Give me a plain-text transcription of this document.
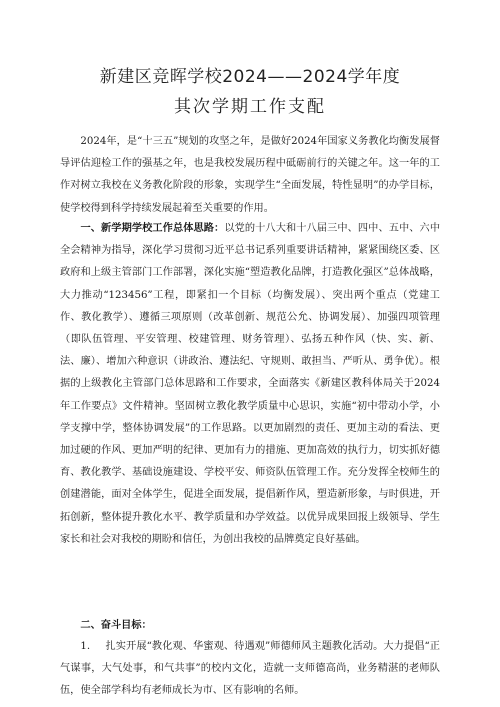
新建区竞晖学校2024——2024学年度
其次学期工作支配

2024年，是“十三五”规划的攻坚之年，是做好2024年国家义务教化均衡发展督导评估迎检工作的强基之年，也是我校发展历程中砥砺前行的关键之年。这一年的工作对树立我校在义务教化阶段的形象，实现学生“全面发展，特性显明”的办学目标，使学校得到科学持续发展起着至关重要的作用。

一、新学期学校工作总体思路：以党的十八大和十八届三中、四中、五中、六中全会精神为指导，深化学习贯彻习近平总书记系列重要讲话精神，紧紧围绕区委、区政府和上级主管部门工作部署，深化实施“塑造教化品牌，打造教化强区”总体战略，大力推动“123456”工程，即紧扣一个目标（均衡发展）、突出两个重点（党建工作、教化教学）、遵循三项原则（改革创新、规范公允、协调发展）、加强四项管理（即队伍管理、平安管理、校建管理、财务管理）、弘扬五种作风（快、实、新、法、廉）、增加六种意识（讲政治、遵法纪、守规则、敢担当、严听从、勇争优）。根据的上级教化主管部门总体思路和工作要求，全面落实《新建区教科体局关于2024年工作要点》文件精神。坚固树立教化教学质量中心思识，实施“初中带动小学，小学支撑中学，整体协调发展”的工作思路。以更加剧烈的责任、更加主动的看法、更加过硬的作风、更加严明的纪律、更加有力的措施、更加高效的执行力，切实抓好德育、教化教学、基础设施建设、学校平安、师资队伍管理工作。充分发挥全校师生的创建潜能，面对全体学生，促进全面发展，提倡新作风，塑造新形象，与时俱进，开拓创新，整体提升教化水平、教学质量和办学效益。以优异成果回报上级领导、学生家长和社会对我校的期盼和信任，为创出我校的品牌奠定良好基础。

二、奋斗目标：

1.   扎实开展“教化观、华蜜观、待遇观”师德师风主题教化活动。大力提倡“正气谋事，大气处事，和气共事”的校内文化，造就一支师德高尚，业务精湛的老师队伍，使全部学科均有老师成长为市、区有影响的名师。
